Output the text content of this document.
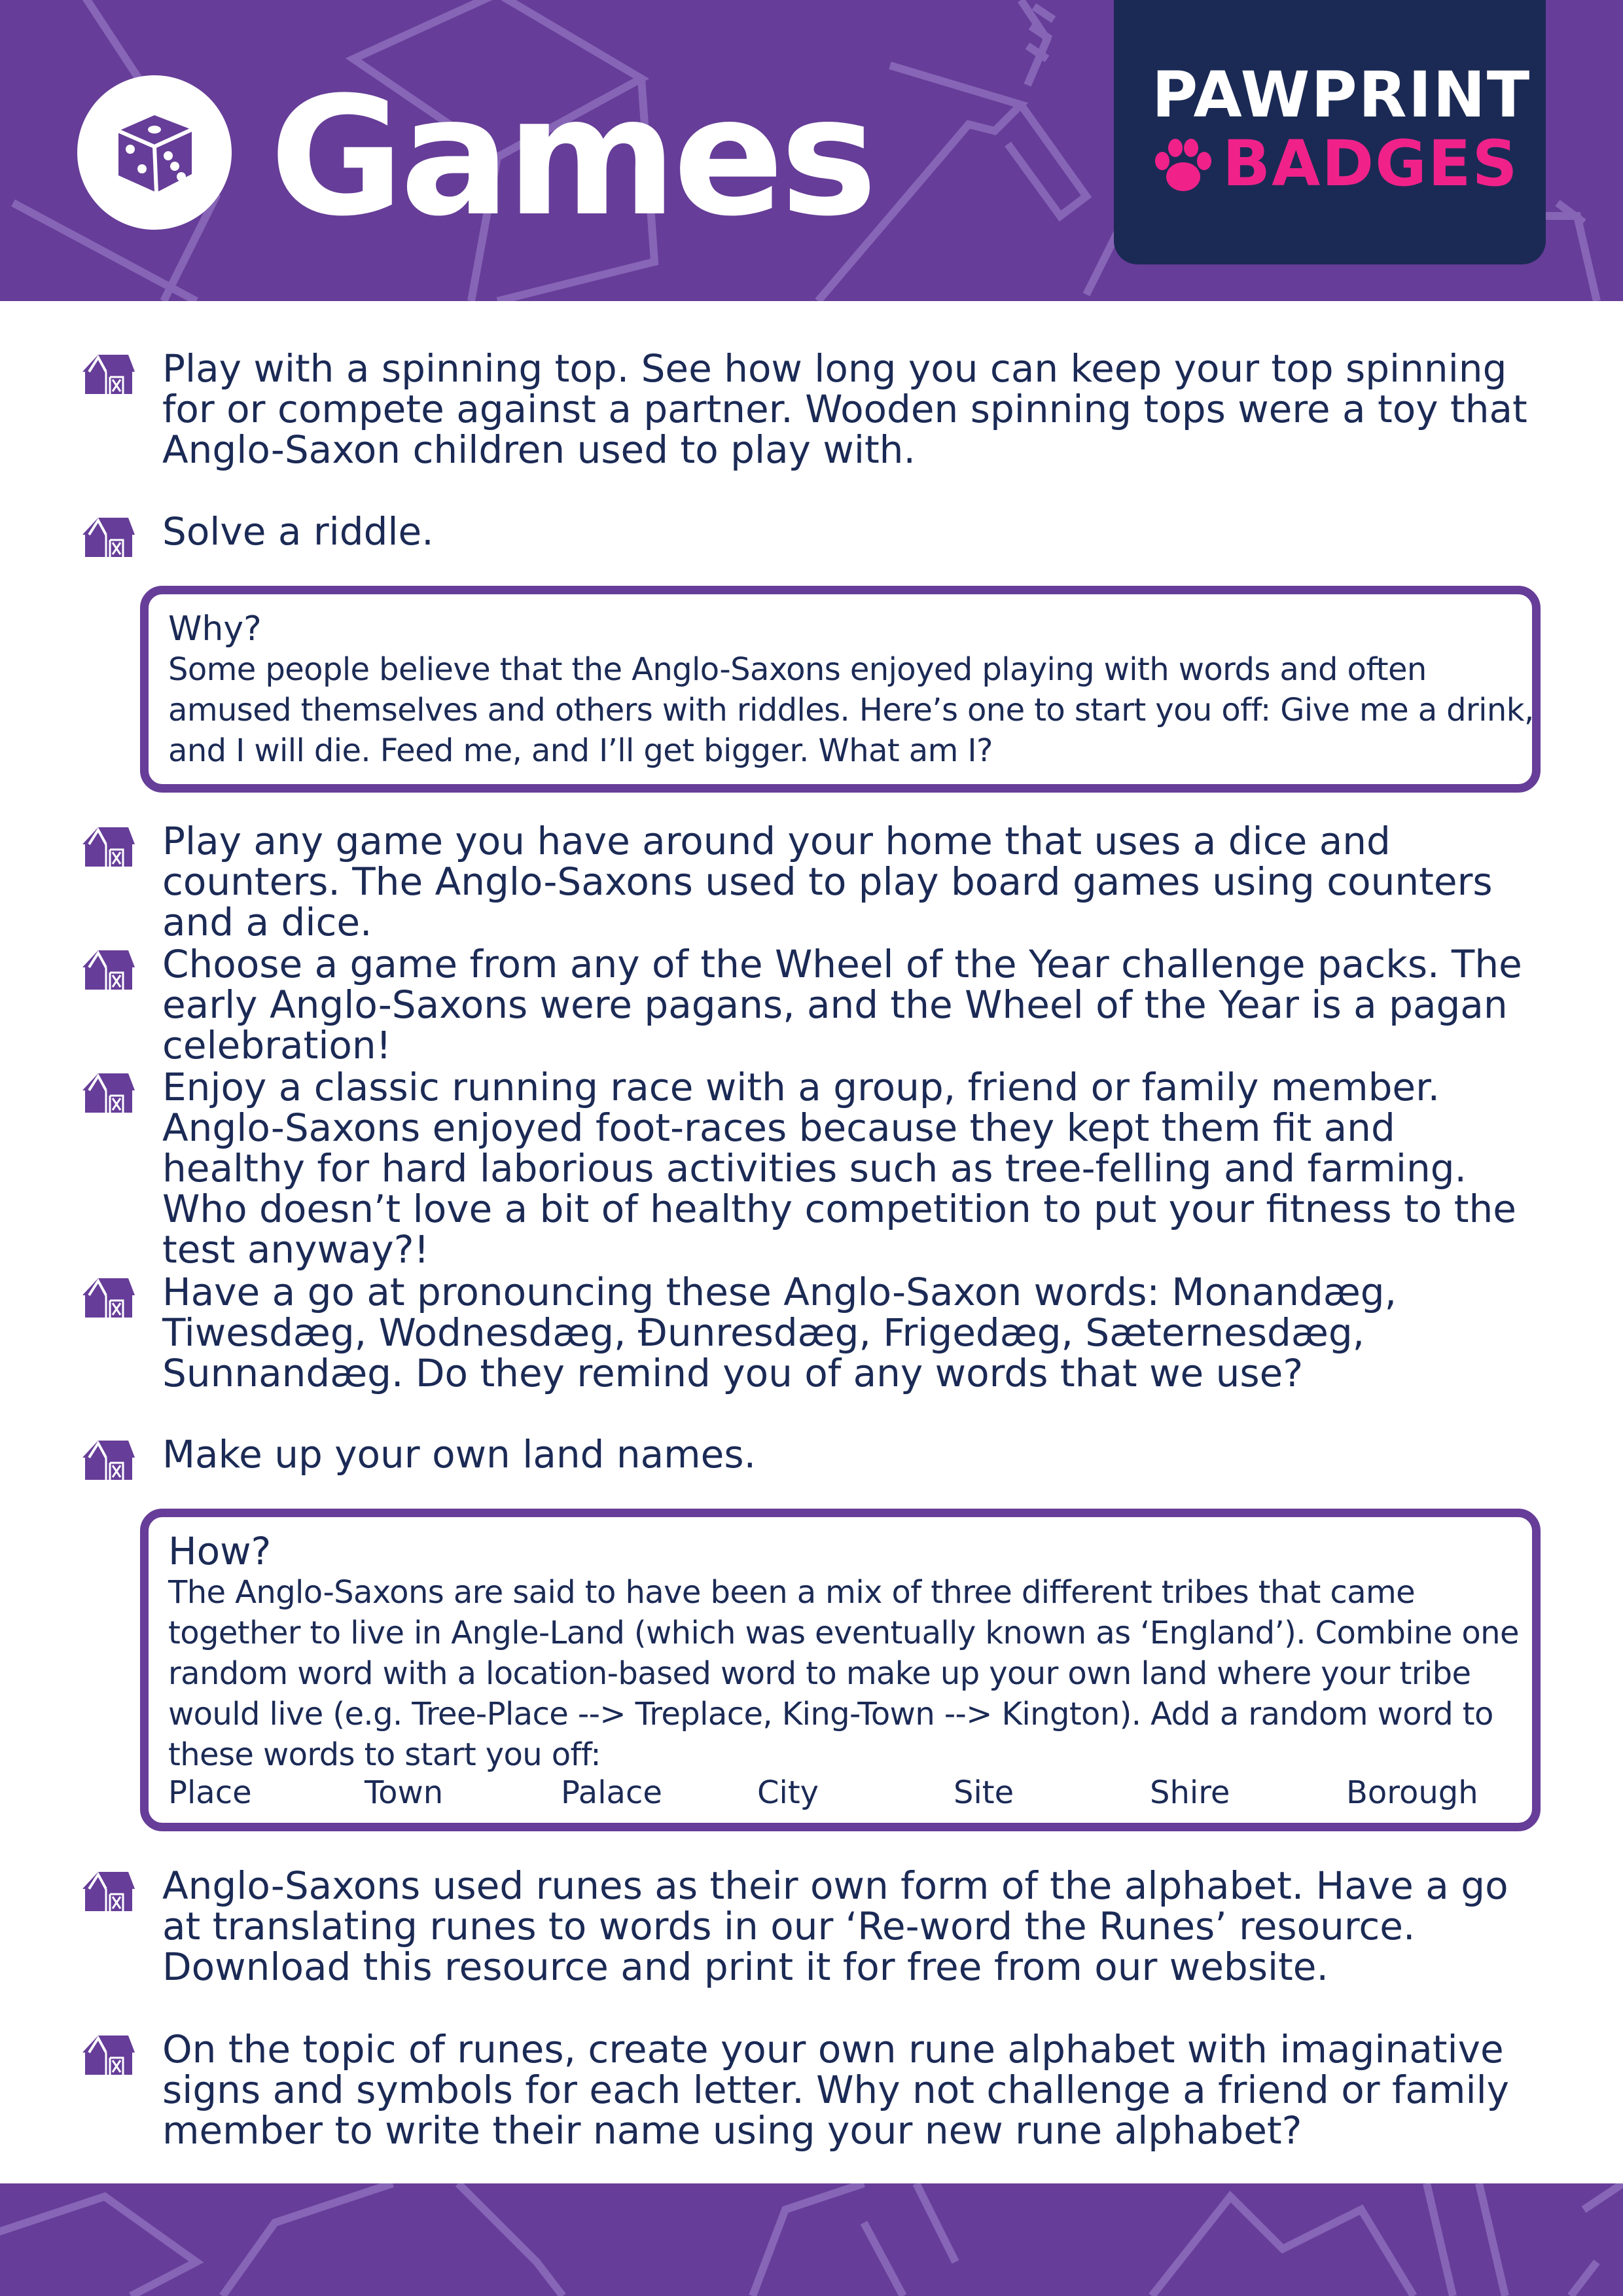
Games	PAWPRINT
BADGES

Play with a spinning top. See how long you can keep your top spinning for or compete against a partner. Wooden spinning tops were a toy that Anglo-Saxon children used to play with.

Solve a riddle.

Why?

Some people believe that the Anglo-Saxons enjoyed playing with words and often amused themselves and others with riddles. Here’s one to start you off: Give me a drink, and I will die. Feed me, and I’ll get bigger. What am I?

Play any game you have around your home that uses a dice and counters. The Anglo-Saxons used to play board games using counters and a dice.

Choose a game from any of the Wheel of the Year challenge packs. The early Anglo-Saxons were pagans, and the Wheel of the Year is a pagan celebration!

Enjoy a classic running race with a group, friend or family member. Anglo-Saxons enjoyed foot-races because they kept them fit and healthy for hard laborious activities such as tree-felling and farming. Who doesn’t love a bit of healthy competition to put your fitness to the test anyway?!

Have a go at pronouncing these Anglo-Saxon words: Monandæg, Tiwesdæg, Wodnesdæg, Ðunresdæg, Frigedæg, Sæternesdæg, Sunnandæg. Do they remind you of any words that we use?

Make up your own land names.

How?

The Anglo-Saxons are said to have been a mix of three different tribes that came together to live in Angle-Land (which was eventually known as ‘England’). Combine one random word with a location-based word to make up your own land where your tribe would live (e.g. Tree-Place --> Treplace, King-Town --> Kington). Add a random word to these words to start you off:

Place	Town	Palace	City	Site	Shire	Borough

Anglo-Saxons used runes as their own form of the alphabet. Have a go at translating runes to words in our ‘Re-word the Runes’ resource. Download this resource and print it for free from our website.

On the topic of runes, create your own rune alphabet with imaginative signs and symbols for each letter. Why not challenge a friend or family member to write their name using your new rune alphabet?
